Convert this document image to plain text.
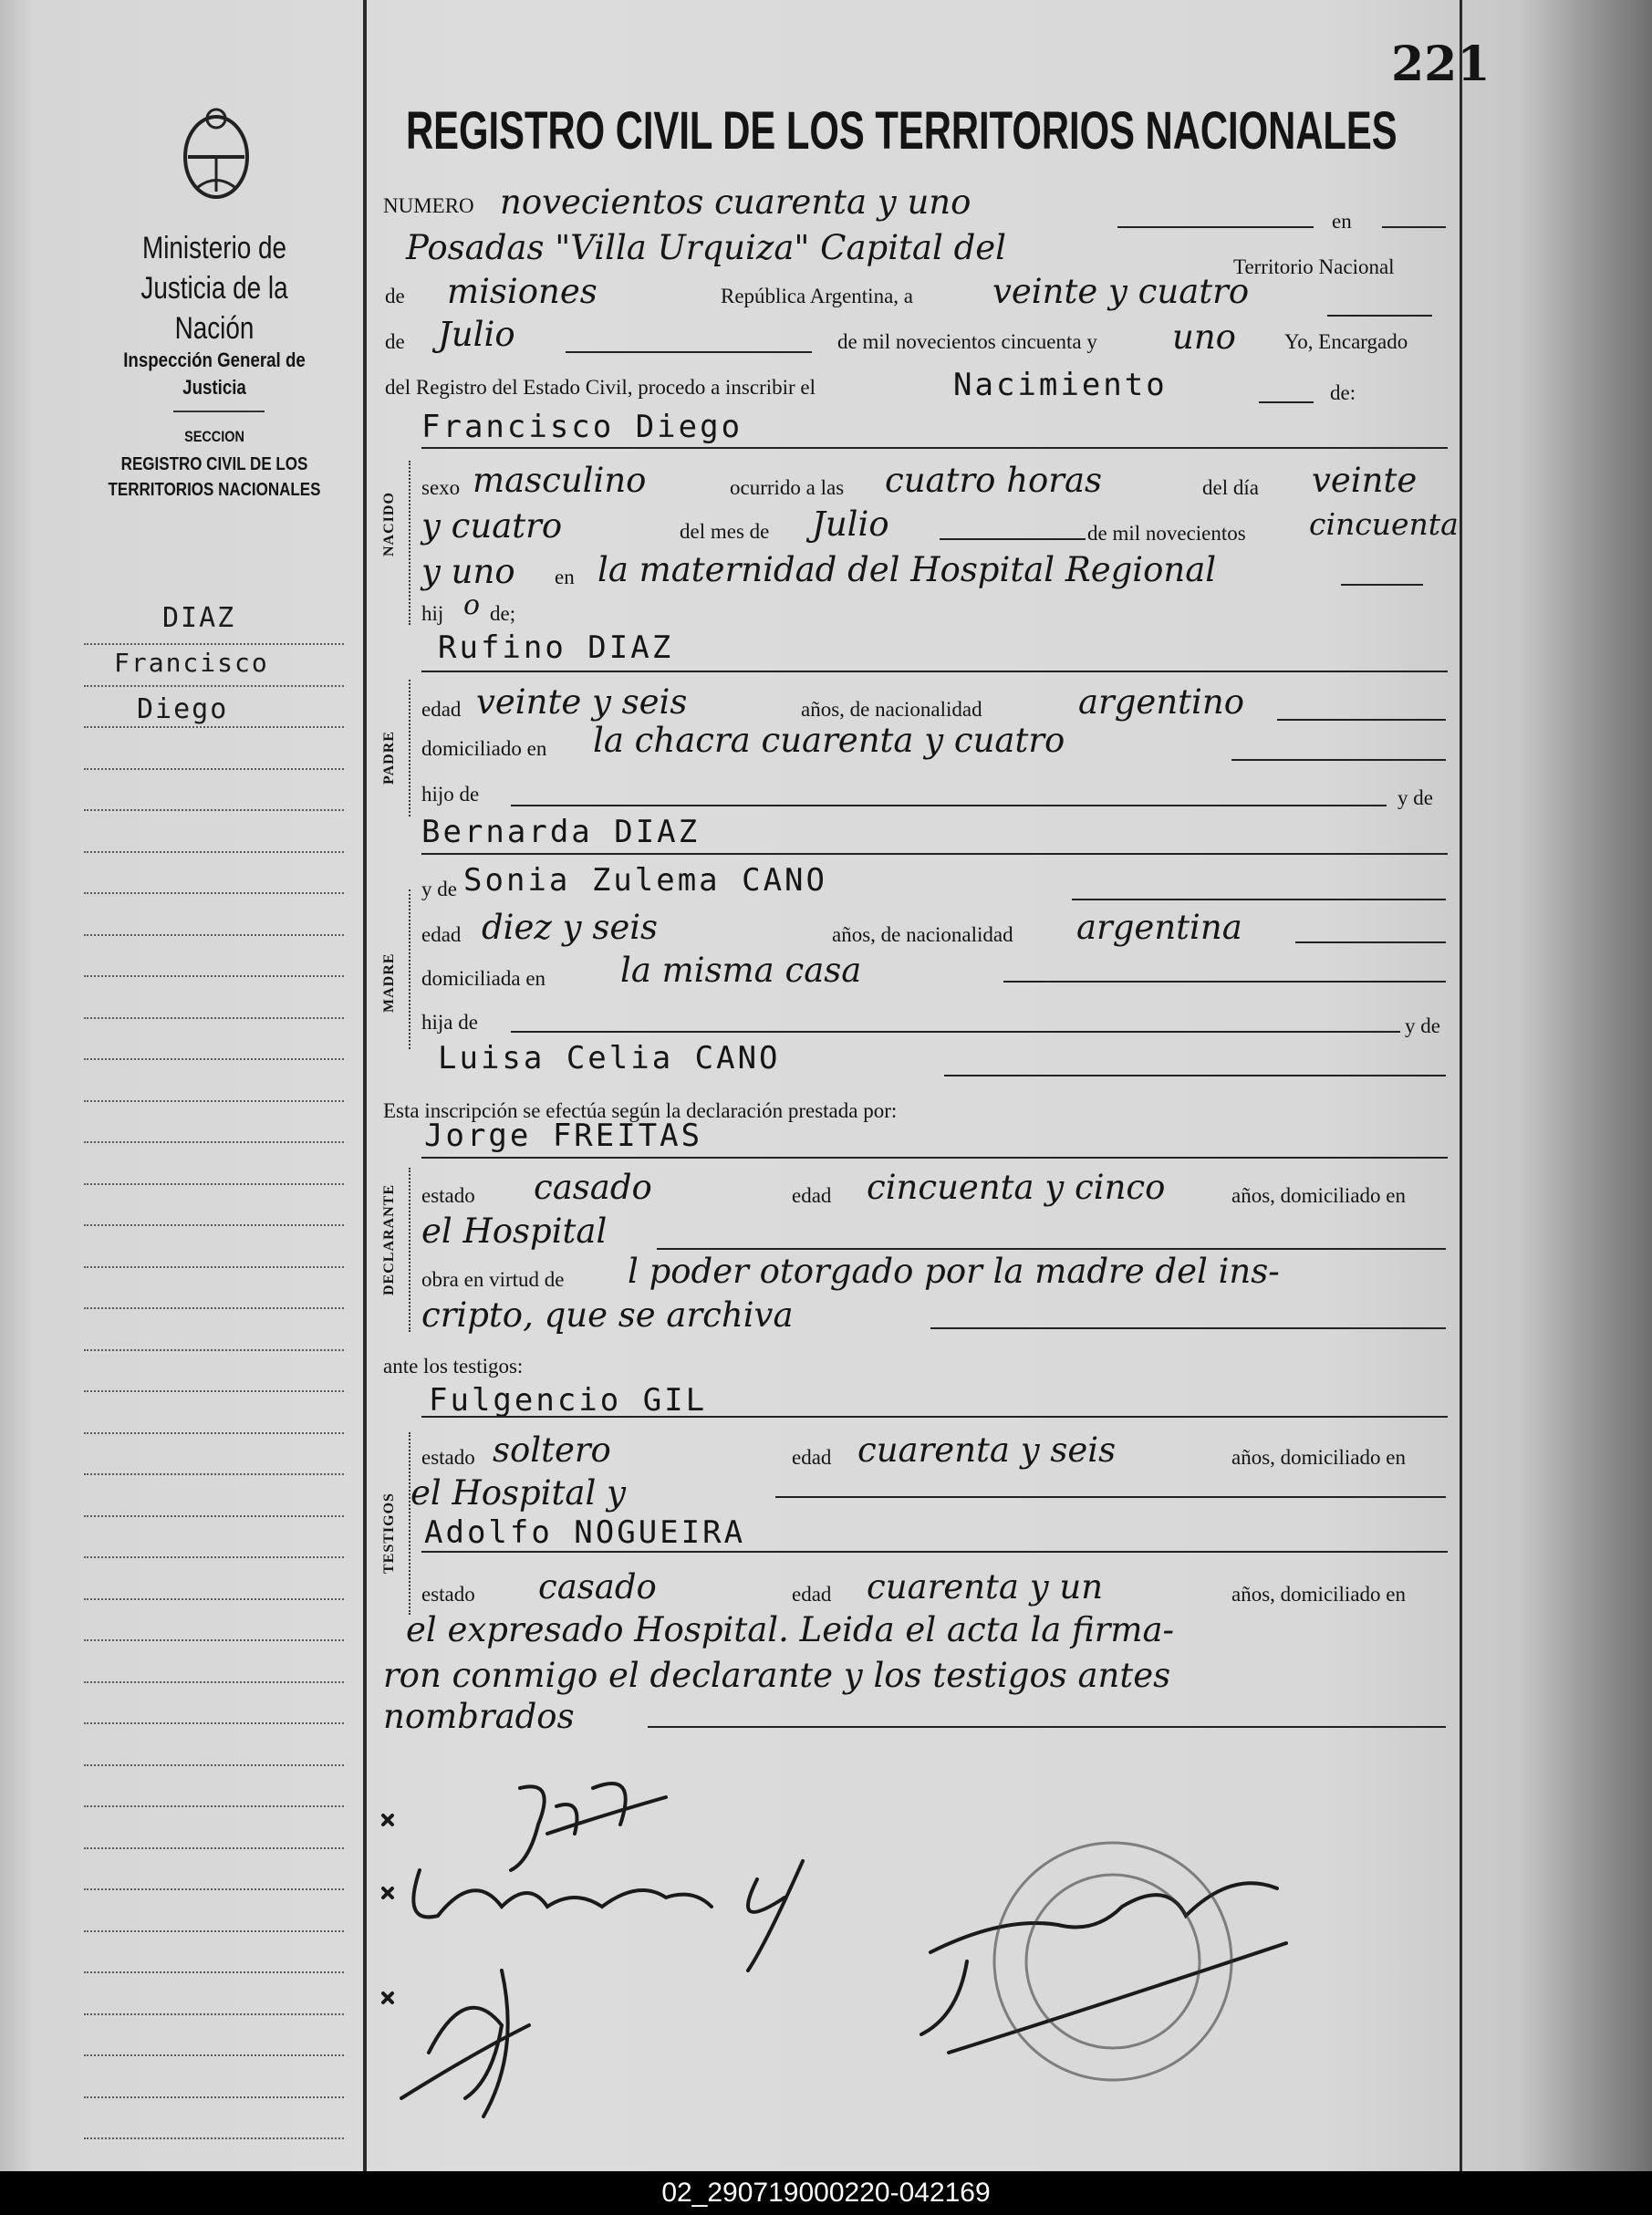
Ministerio de Justicia de la Nación
Inspección General de Justicia
SECCION
REGISTRO CIVIL DE LOS TERRITORIOS NACIONALES
DIAZ
Francisco
Diego
221
REGISTRO CIVIL DE LOS TERRITORIOS NACIONALES
NUMERO novecientos cuarenta y uno	en
Posadas "Villa Urquiza" Capital del	Territorio Nacional
de misiones	República Argentina, a veinte y cuatro
de Julio	de mil novecientos cincuenta y uno Yo, Encargado
del Registro del Estado Civil, procedo a inscribir el	Nacimiento	de:
NACIDO
Francisco Diego
sexo masculino	ocurrido a las cuatro horas	del día veinte
y cuatro	del mes de Julio	de mil novecientos cincuenta
y uno en la maternidad del Hospital Regional
hij o de;
PADRE
Rufino DIAZ
edad veinte y seis	años, de nacionalidad	argentino
domiciliado en la chacra cuarenta y cuatro
hijo de	y de
Bernarda DIAZ
MADRE
y de Sonia Zulema CANO
edad diez y seis	años, de nacionalidad argentina
domiciliada en la misma casa
hija de	y de
Luisa Celia CANO
Esta inscripción se efectúa según la declaración prestada por:
DECLARANTE
Jorge FREITAS
estado casado	edad cincuenta y cinco	años, domiciliado en
el Hospital
obra en virtud de l poder otorgado por la madre del ins-
cripto, que se archiva
ante los testigos:
TESTIGOS
Fulgencio GIL
estado soltero	edad cuarenta y seis	años, domiciliado en
el Hospital y
Adolfo NOGUEIRA
estado casado	edad cuarenta y un	años, domiciliado en
el expresado Hospital. Leida el acta la firma-
ron conmigo el declarante y los testigos antes
nombrados
02_290719000220-042169
